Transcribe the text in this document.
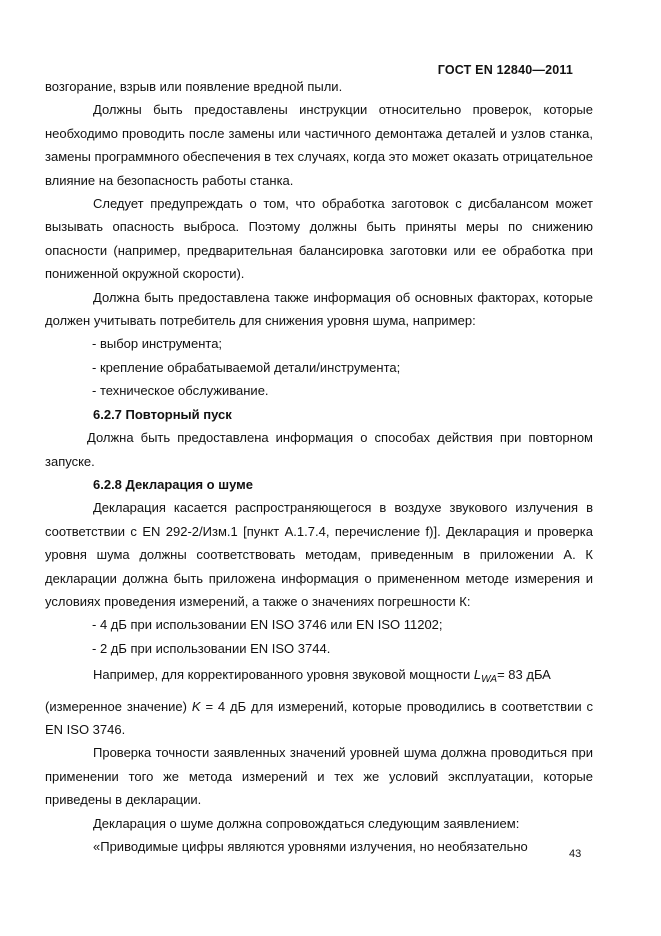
ГОСТ EN 12840—2011

возгорание, взрыв или появление вредной пыли.

Должны быть предоставлены инструкции относительно проверок, которые необходимо проводить после замены или частичного демонтажа деталей и узлов станка, замены программного обеспечения в тех случаях, когда это может оказать отрицательное влияние на безопасность работы станка.

Следует предупреждать о том, что обработка заготовок с дисбалансом может вызывать опасность выброса. Поэтому должны быть приняты меры по снижению опасности (например, предварительная балансировка заготовки или ее обработка при пониженной окружной скорости).

Должна быть предоставлена также информация об основных факторах, которые должен учитывать потребитель для снижения уровня шума, например:

- выбор инструмента;

- крепление обрабатываемой детали/инструмента;

- техническое обслуживание.

6.2.7 Повторный пуск

Должна быть предоставлена информация о способах действия при повторном запуске.

6.2.8 Декларация о шуме

Декларация касается распространяющегося в воздухе звукового излучения в соответствии с EN 292-2/Изм.1 [пункт А.1.7.4, перечисление f)]. Декларация и проверка уровня шума должны соответствовать методам, приведенным в приложении А. К декларации должна быть приложена информация о примененном методе измерения и условиях проведения измерений, а также о значениях погрешности К:

- 4 дБ при использовании EN ISO 3746 или EN ISO 11202;

- 2 дБ при использовании EN ISO 3744.

Например, для корректированного уровня звуковой мощности $L_{WA}= 83$ дБА

(измеренное значение) K = 4 дБ для измерений, которые проводились в соответствии с EN ISO 3746.

Проверка точности заявленных значений уровней шума должна проводиться при применении того же метода измерений и тех же условий эксплуатации, которые приведены в декларации.

Декларация о шуме должна сопровождаться следующим заявлением:

«Приводимые цифры являются уровнями излучения, но необязательно	43
